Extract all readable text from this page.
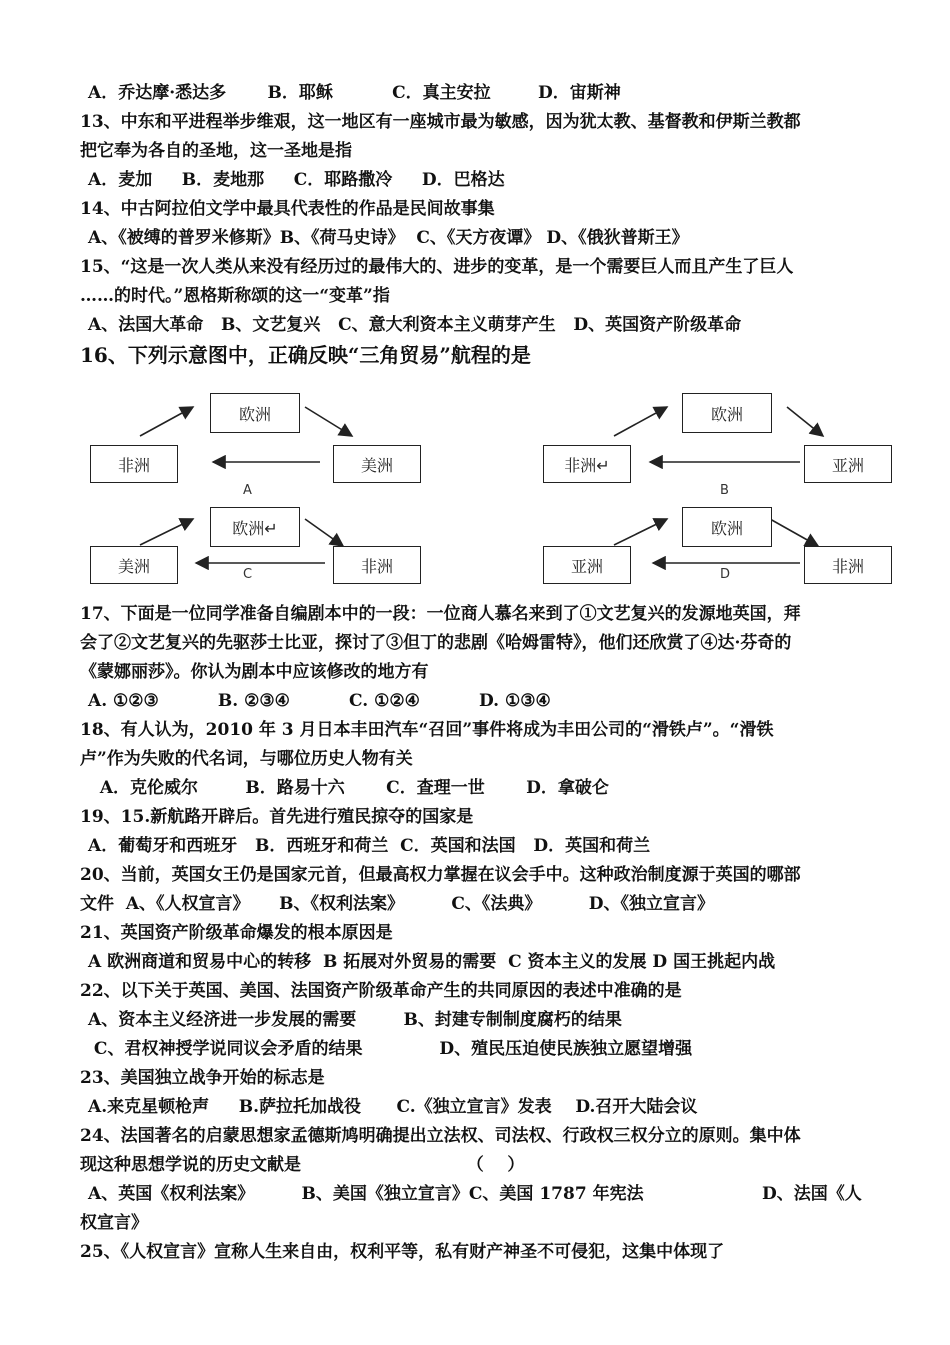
A．乔达摩·悉达多       B．耶稣          C．真主安拉        D．宙斯神
13、中东和平进程举步维艰，这一地区有一座城市最为敏感，因为犹太教、基督教和伊斯兰教都
把它奉为各自的圣地，这一圣地是指
A．麦加     B．麦地那     C．耶路撒冷     D．巴格达
14、中古阿拉伯文学中最具代表性的作品是民间故事集
A、《被缚的普罗米修斯》B、《荷马史诗》  C、《天方夜谭》 D、《俄狄普斯王》
15、“这是一次人类从来没有经历过的最伟大的、进步的变革，是一个需要巨人而且产生了巨人
……的时代。”恩格斯称颂的这一“变革”指
A、法国大革命   B、文艺复兴   C、意大利资本主义萌芽产生   D、英国资产阶级革命
16、下列示意图中，正确反映“三角贸易”航程的是
欧洲
非洲	美洲
A
欧洲
非洲↵	亚洲
B
欧洲↵
美洲	非洲
C
欧洲
亚洲	非洲
D
17、下面是一位同学准备自编剧本中的一段：一位商人慕名来到了①文艺复兴的发源地英国，拜
会了②文艺复兴的先驱莎士比亚，探讨了③但丁的悲剧《哈姆雷特》，他们还欣赏了④达·芬奇的
《蒙娜丽莎》。你认为剧本中应该修改的地方有
A. ①②③          B. ②③④          C. ①②④          D. ①③④
18、有人认为，2010 年 3 月日本丰田汽车“召回”事件将成为丰田公司的“滑铁卢”。“滑铁
卢”作为失败的代名词，与哪位历史人物有关
A．克伦威尔        B．路易十六       C．查理一世       D．拿破仑
19、15.新航路开辟后。首先进行殖民掠夺的国家是
A．葡萄牙和西班牙   B．西班牙和荷兰  C．英国和法国   D．英国和荷兰
20、当前，英国女王仍是国家元首，但最高权力掌握在议会手中。这种政治制度源于英国的哪部
文件  A、《人权宣言》     B、《权利法案》        C、《法典》        D、《独立宣言》
21、英国资产阶级革命爆发的根本原因是
A 欧洲商道和贸易中心的转移  B 拓展对外贸易的需要  C 资本主义的发展 D 国王挑起内战
22、以下关于英国、美国、法国资产阶级革命产生的共同原因的表述中准确的是
A、资本主义经济进一步发展的需要        B、封建专制制度腐朽的结果
C、君权神授学说同议会矛盾的结果             D、殖民压迫使民族独立愿望增强
23、美国独立战争开始的标志是
A.来克星顿枪声     B.萨拉托加战役      C.《独立宣言》发表    D.召开大陆会议
24、法国著名的启蒙思想家孟德斯鸠明确提出立法权、司法权、行政权三权分立的原则。集中体
现这种思想学说的历史文献是                            （    ）
A、英国《权利法案》        B、美国《独立宣言》C、美国 1787 年宪法                    D、法国《人
权宣言》
25、《人权宣言》宣称人生来自由，权利平等，私有财产神圣不可侵犯，这集中体现了
